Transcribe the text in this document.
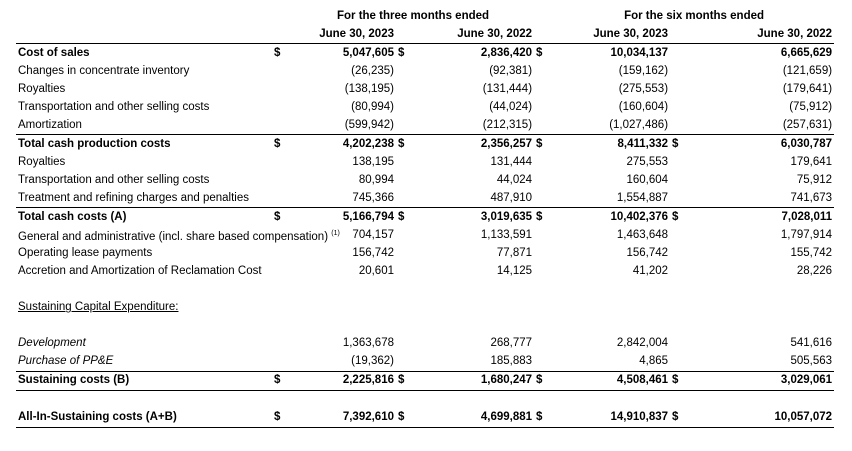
		For the three months ended				For the six months ended		
		June 30, 2023		June 30, 2022		June 30, 2023		June 30, 2022
Cost of sales	$	5,047,605	$	2,836,420	$	10,034,137		6,665,629
Changes in concentrate inventory		(26,235)		(92,381)		(159,162)		(121,659)
Royalties		(138,195)		(131,444)		(275,553)		(179,641)
Transportation and other selling costs		(80,994)		(44,024)		(160,604)		(75,912)
Amortization		(599,942)		(212,315)		(1,027,486)		(257,631)
Total cash production costs	$	4,202,238	$	2,356,257	$	8,411,332	$	6,030,787
Royalties		138,195		131,444		275,553		179,641
Transportation and other selling costs		80,994		44,024		160,604		75,912
Treatment and refining charges and penalties		745,366		487,910		1,554,887		741,673
Total cash costs (A)	$	5,166,794	$	3,019,635	$	10,402,376	$	7,028,011
General and administrative (incl. share based compensation) $^{(1)}$		704,157		1,133,591		1,463,648		1,797,914
Operating lease payments		156,742		77,871		156,742		155,742
Accretion and Amortization of Reclamation Cost		20,601		14,125		41,202		28,226

Sustaining Capital Expenditure:								

Development		1,363,678		268,777		2,842,004		541,616
Purchase of PP&E		(19,362)		185,883		4,865		505,563
Sustaining costs (B)	$	2,225,816	$	1,680,247	$	4,508,461	$	3,029,061

All-In-Sustaining costs (A+B)	$	7,392,610	$	4,699,881	$	14,910,837	$	10,057,072
